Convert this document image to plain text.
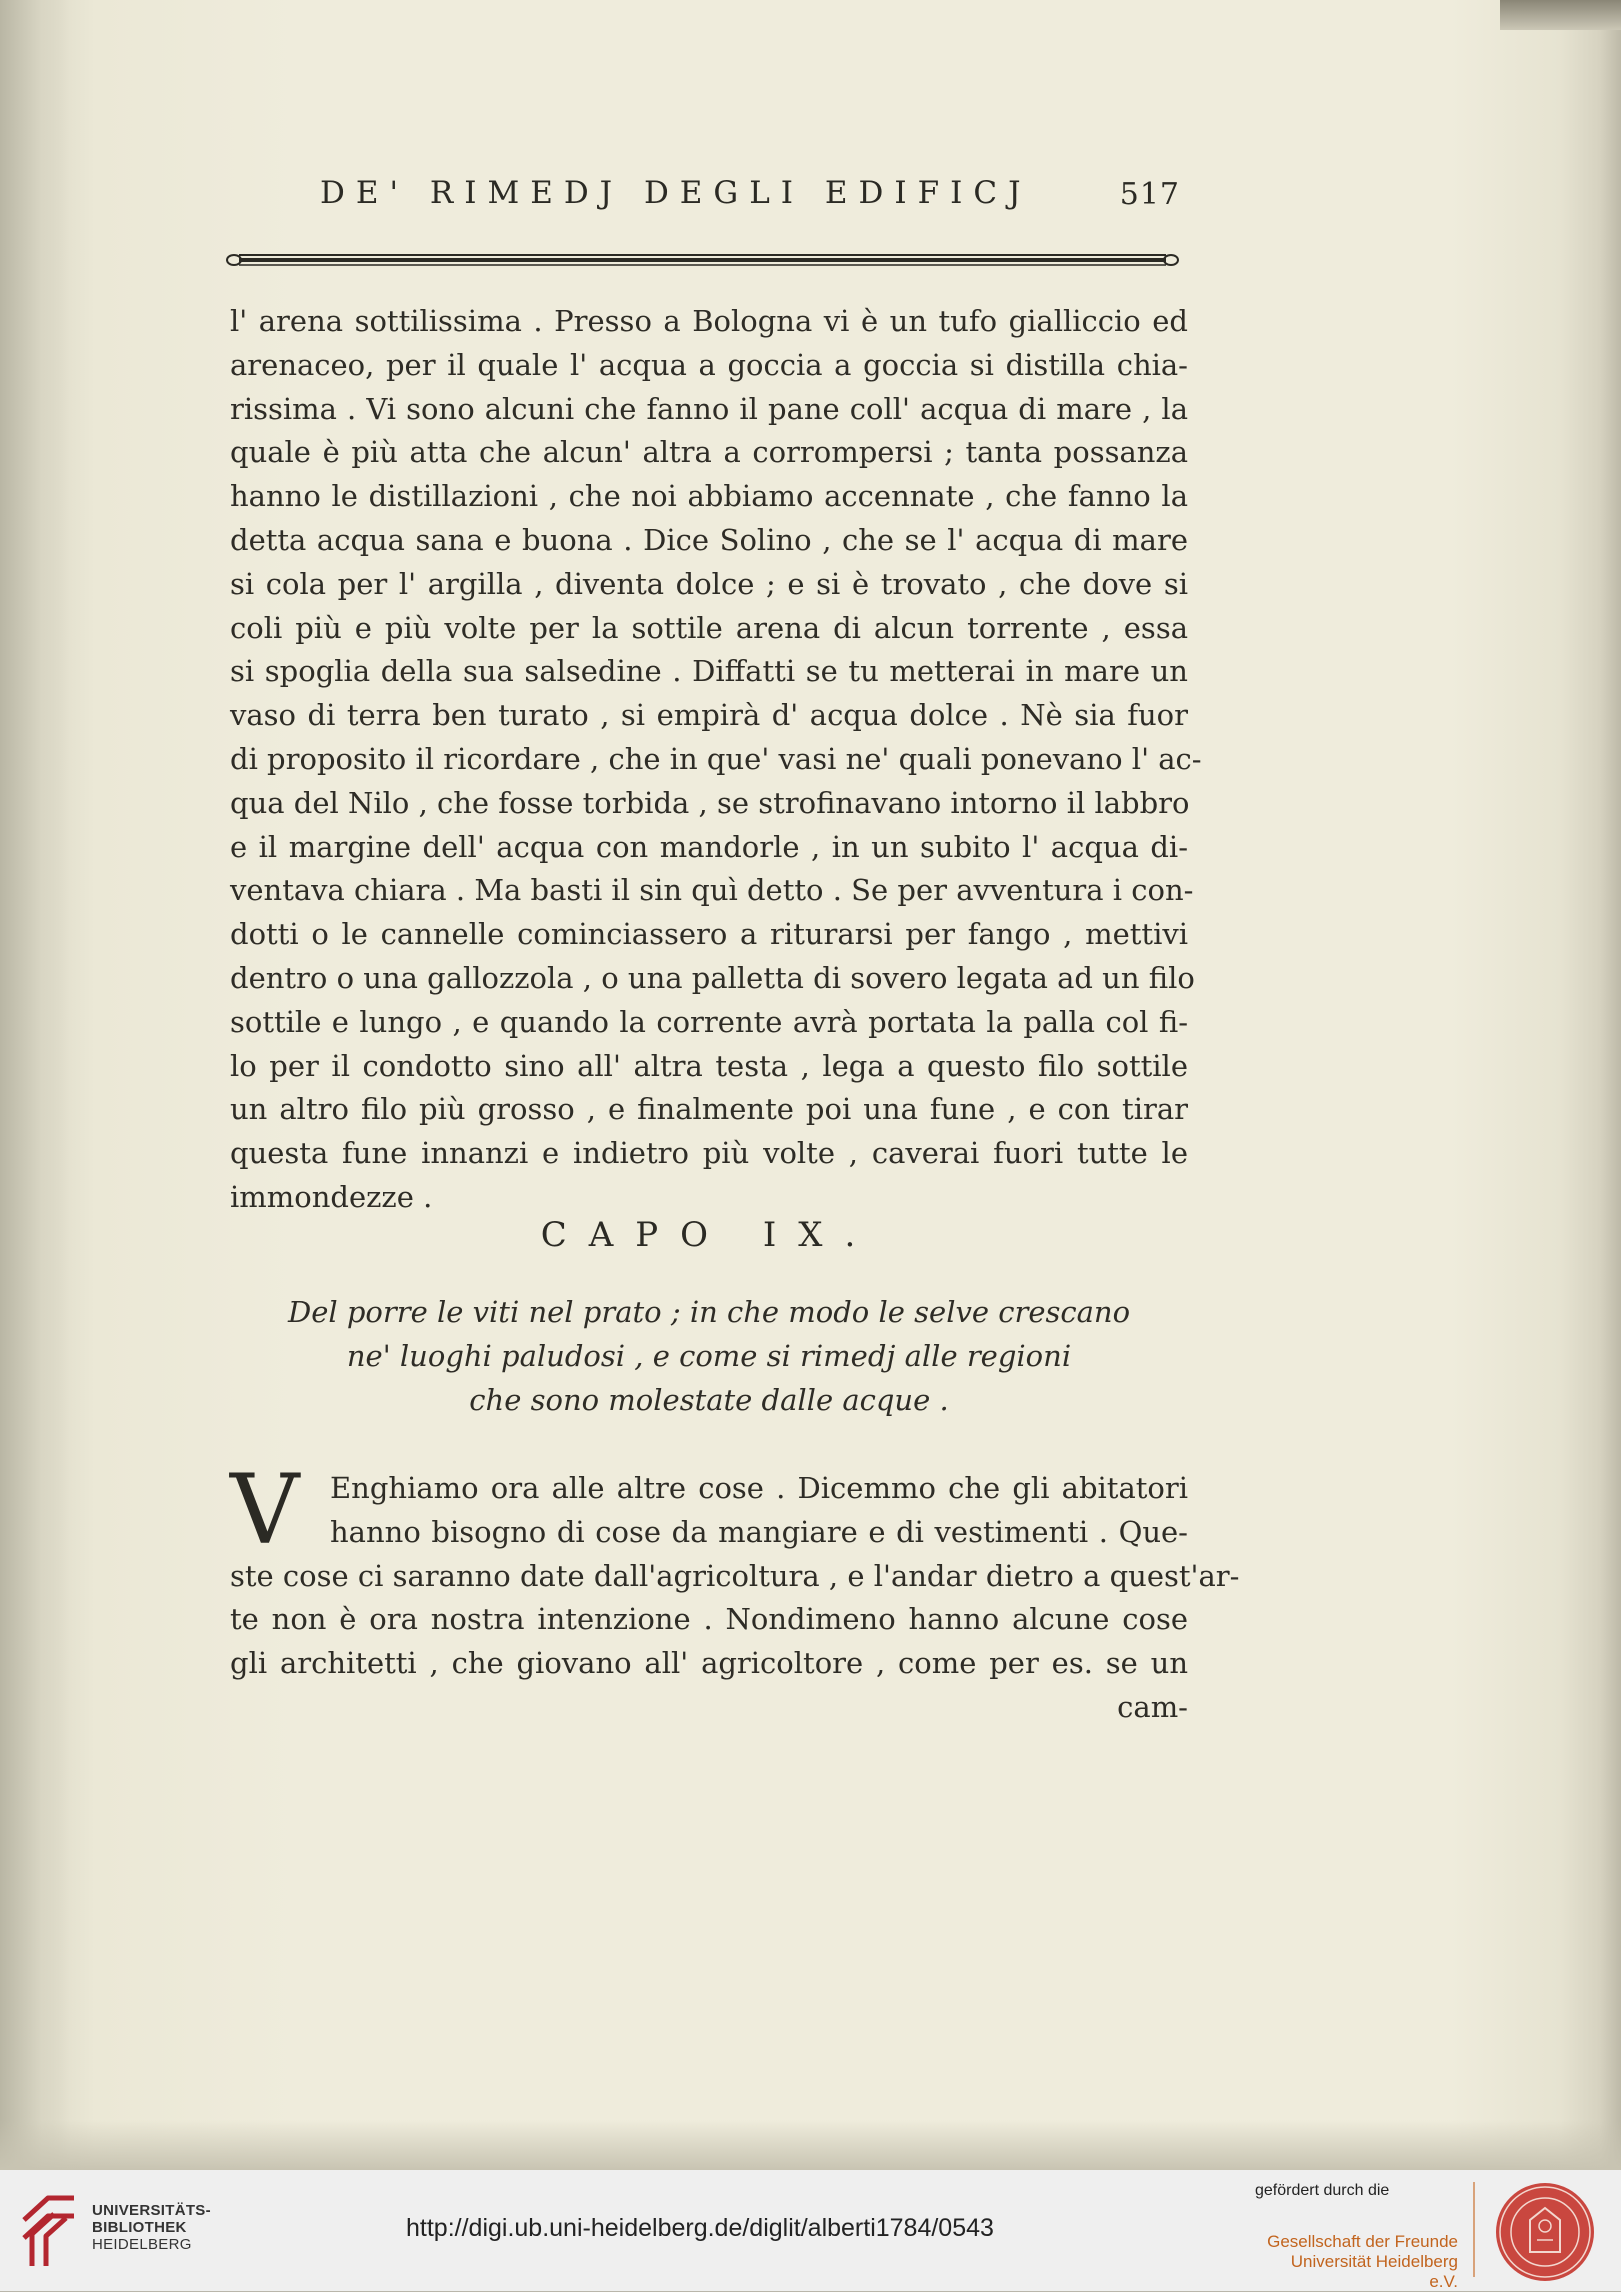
DE' RIMEDJ DEGLI EDIFICJ	517
l' arena sottilissima . Presso a Bologna vi è un tufo gialliccio ed
arenaceo, per il quale l' acqua a goccia a goccia si distilla chia-
rissima . Vi sono alcuni che fanno il pane coll' acqua di mare , la
quale è più atta che alcun' altra a corrompersi ; tanta possanza
hanno le distillazioni , che noi abbiamo accennate , che fanno la
detta acqua sana e buona . Dice Solino , che se l' acqua di mare
si cola per l' argilla , diventa dolce ; e si è trovato , che dove si
coli più e più volte per la sottile arena di alcun torrente , essa
si spoglia della sua salsedine . Diffatti se tu metterai in mare un
vaso di terra ben turato , si empirà d' acqua dolce . Nè sia fuor
di proposito il ricordare , che in que' vasi ne' quali ponevano l' ac-
qua del Nilo , che fosse torbida , se strofinavano intorno il labbro
e il margine dell' acqua con mandorle , in un subito l' acqua di-
ventava chiara . Ma basti il sin quì detto . Se per avventura i con-
dotti o le cannelle cominciassero a riturarsi per fango , mettivi
dentro o una gallozzola , o una palletta di sovero legata ad un filo
sottile e lungo , e quando la corrente avrà portata la palla col fi-
lo per il condotto sino all' altra testa , lega a questo filo sottile
un altro filo più grosso , e finalmente poi una fune , e con tirar
questa fune innanzi e indietro più volte , caverai fuori tutte le
immondezze .
CAPO IX.
Del porre le viti nel prato ; in che modo le selve crescano
ne' luoghi paludosi , e come si rimedj alle regioni
che sono molestate dalle acque .
V	Enghiamo ora alle altre cose . Dicemmo che gli abitatori
hanno bisogno di cose da mangiare e di vestimenti . Que-
ste cose ci saranno date dall'agricoltura , e l'andar dietro a quest'ar-
te non è ora nostra intenzione . Nondimeno hanno alcune cose
gli architetti , che giovano all' agricoltore , come per es. se un
cam-
UNIVERSITÄTS-
BIBLIOTHEK
HEIDELBERG
http://digi.ub.uni-heidelberg.de/diglit/alberti1784/0543
gefördert durch die
Gesellschaft der Freunde
Universität Heidelberg e.V.
